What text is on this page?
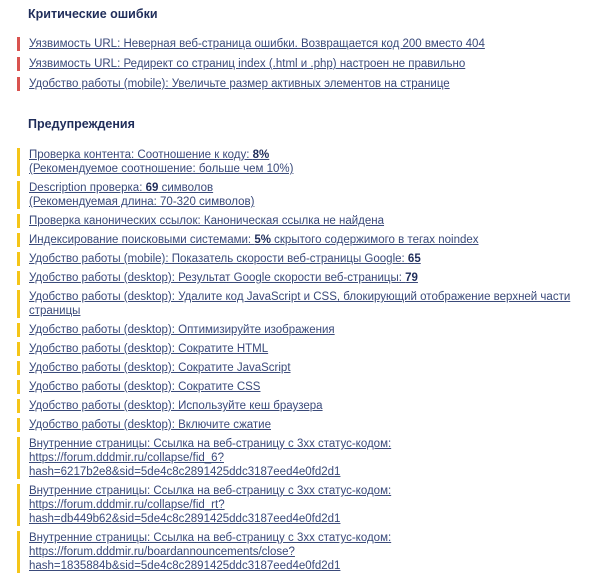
Критические ошибки
Уязвимость URL: Неверная веб-страница ошибки. Возвращается код 200 вместо 404
Уязвимость URL: Редирект со страниц index (.html и .php) настроен не правильно
Удобство работы (mobile): Увеличьте размер активных элементов на странице
Предупреждения
Проверка контента: Соотношение к коду: 8%
(Рекомендуемое соотношение: больше чем 10%)
Description проверка: 69 символов
(Рекомендуемая длина: 70-320 символов)
Проверка канонических ссылок: Каноническая ссылка не найдена
Индексирование поисковыми системами: 5% скрытого содержимого в тегах noindex
Удобство работы (mobile): Показатель скорости веб-страницы Google: 65
Удобство работы (desktop): Результат Google скорости веб-страницы: 79
Удобство работы (desktop): Удалите код JavaScript и CSS, блокирующий отображение верхней части
страницы
Удобство работы (desktop): Оптимизируйте изображения
Удобство работы (desktop): Сократите HTML
Удобство работы (desktop): Сократите JavaScript
Удобство работы (desktop): Сократите CSS
Удобство работы (desktop): Используйте кеш браузера
Удобство работы (desktop): Включите сжатие
Внутренние страницы: Ссылка на веб-страницу с 3xx статус-кодом: https://forum.dddmir.ru/collapse/fid_6?
hash=6217b2e8&sid=5de4c8c2891425ddc3187eed4e0fd2d1
Внутренние страницы: Ссылка на веб-страницу с 3xx статус-кодом: https://forum.dddmir.ru/collapse/fid_rt?
hash=db449b62&sid=5de4c8c2891425ddc3187eed4e0fd2d1
Внутренние страницы: Ссылка на веб-страницу с 3xx статус-кодом:
https://forum.dddmir.ru/boardannouncements/close?
hash=1835884b&sid=5de4c8c2891425ddc3187eed4e0fd2d1
